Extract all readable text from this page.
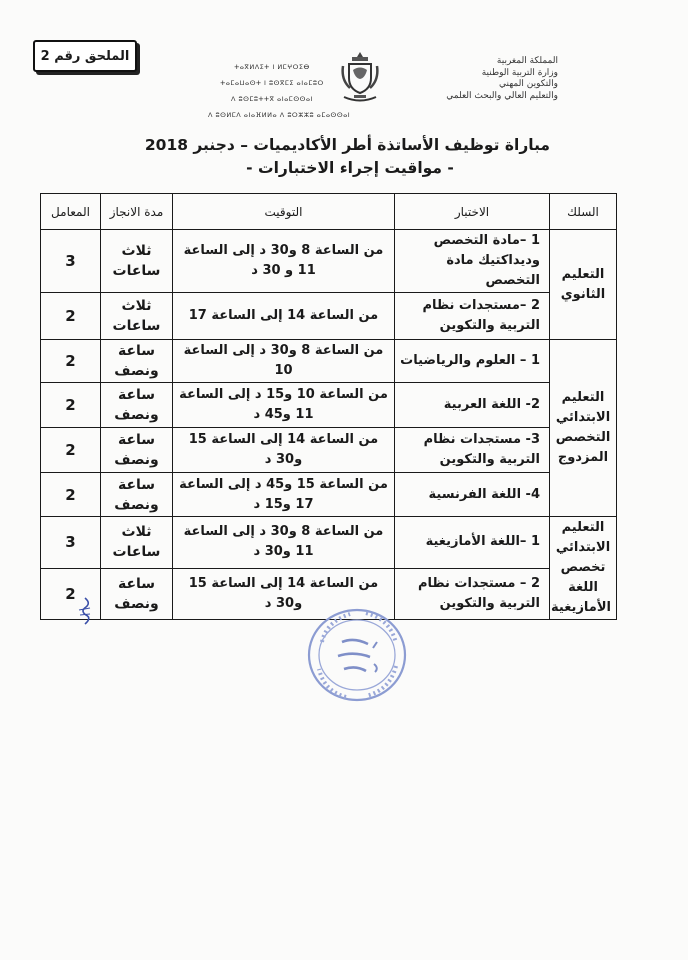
الملحق رقم 2	المملكة المغربية
وزارة التربية الوطنية
والتكوين المهني
والتعليم العالي والبحث العلمي
ⵜⴰⴳⵍⴷⵉⵜ ⵏ ⵍⵎⵖⵔⵉⴱ
ⵜⴰⵎⴰⵡⴰⵙⵜ ⵏ ⵓⵙⴳⵎⵉ ⴰⵏⴰⵎⵓⵔ
ⴷ ⵓⵙⵎⵓⵜⵜⴳ ⴰⵏⴰⵎⵙⵙⴰⵏ
ⴷ ⵓⵙⵍⵎⴷ ⴰⵏⴰⴼⵍⵍⴰ ⴷ ⵓⵔⵣⵣⵓ ⴰⵎⴰⵙⵙⴰⵏ
مباراة توظيف الأساتذة أطر الأكاديميات – دجنبر 2018
- مواقيت إجراء الاختبارات -
السلك	الاختبار	التوقيت	مدة الانجاز	المعامل
التعليم الثانوي	1 –مادة التخصص وديداكتيك مادة التخصص	من الساعة 8 و30 د إلى الساعة 11 و 30 د	ثلاث ساعات	3
	2 –مستجدات نظام التربية والتكوين	من الساعة 14 إلى الساعة 17	ثلاث ساعات	2
التعليم الابتدائي التخصص المزدوج	1 – العلوم والرياضيات	من الساعة 8 و30 د إلى الساعة 10	ساعة ونصف	2
	2- اللغة العربية	من الساعة 10 و15 د إلى الساعة 11 و45 د	ساعة ونصف	2
	3- مستجدات نظام التربية والتكوين	من الساعة 14 إلى الساعة 15 و30 د	ساعة ونصف	2
	4- اللغة الفرنسية	من الساعة 15 و45 د إلى الساعة 17 و15 د	ساعة ونصف	2
التعليم الابتدائي تخصص اللغة الأمازيغية	1 –اللغة الأمازيغية	من الساعة 8 و30 د إلى الساعة 11 و30 د	ثلاث ساعات	3
	2 – مستجدات نظام التربية والتكوين	من الساعة 14 إلى الساعة 15 و30 د	ساعة ونصف	2
